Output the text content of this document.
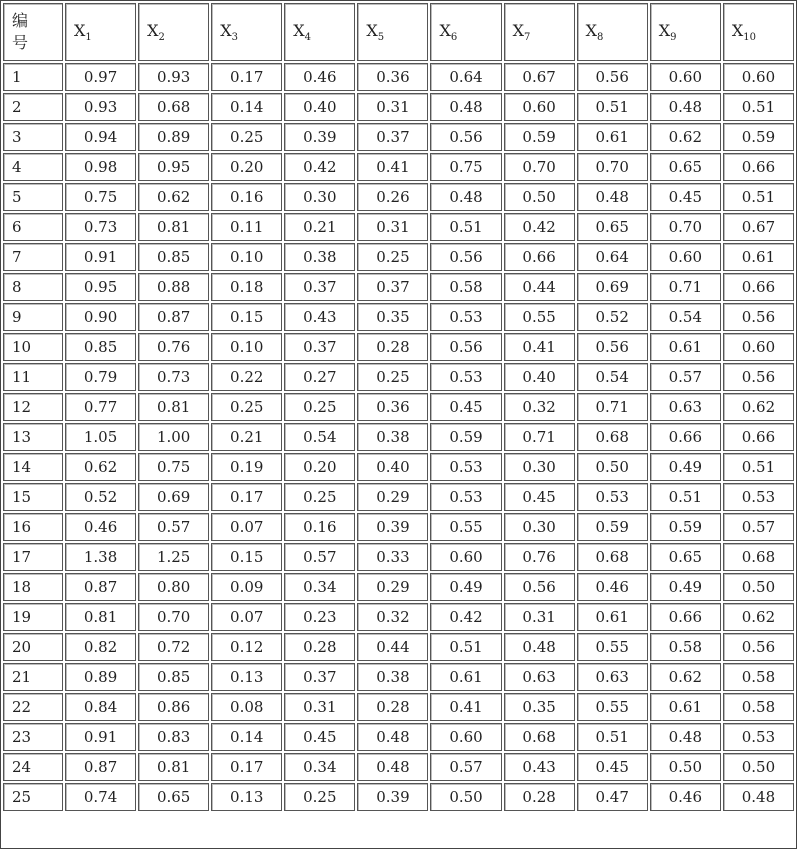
编号	$X_1$	$X_2$	$X_3$	$X_4$	$X_5$	$X_6$	$X_7$	$X_8$	$X_9$	$X_{10}$
1	0.97	0.93	0.17	0.46	0.36	0.64	0.67	0.56	0.60	0.60
2	0.93	0.68	0.14	0.40	0.31	0.48	0.60	0.51	0.48	0.51
3	0.94	0.89	0.25	0.39	0.37	0.56	0.59	0.61	0.62	0.59
4	0.98	0.95	0.20	0.42	0.41	0.75	0.70	0.70	0.65	0.66
5	0.75	0.62	0.16	0.30	0.26	0.48	0.50	0.48	0.45	0.51
6	0.73	0.81	0.11	0.21	0.31	0.51	0.42	0.65	0.70	0.67
7	0.91	0.85	0.10	0.38	0.25	0.56	0.66	0.64	0.60	0.61
8	0.95	0.88	0.18	0.37	0.37	0.58	0.44	0.69	0.71	0.66
9	0.90	0.87	0.15	0.43	0.35	0.53	0.55	0.52	0.54	0.56
10	0.85	0.76	0.10	0.37	0.28	0.56	0.41	0.56	0.61	0.60
11	0.79	0.73	0.22	0.27	0.25	0.53	0.40	0.54	0.57	0.56
12	0.77	0.81	0.25	0.25	0.36	0.45	0.32	0.71	0.63	0.62
13	1.05	1.00	0.21	0.54	0.38	0.59	0.71	0.68	0.66	0.66
14	0.62	0.75	0.19	0.20	0.40	0.53	0.30	0.50	0.49	0.51
15	0.52	0.69	0.17	0.25	0.29	0.53	0.45	0.53	0.51	0.53
16	0.46	0.57	0.07	0.16	0.39	0.55	0.30	0.59	0.59	0.57
17	1.38	1.25	0.15	0.57	0.33	0.60	0.76	0.68	0.65	0.68
18	0.87	0.80	0.09	0.34	0.29	0.49	0.56	0.46	0.49	0.50
19	0.81	0.70	0.07	0.23	0.32	0.42	0.31	0.61	0.66	0.62
20	0.82	0.72	0.12	0.28	0.44	0.51	0.48	0.55	0.58	0.56
21	0.89	0.85	0.13	0.37	0.38	0.61	0.63	0.63	0.62	0.58
22	0.84	0.86	0.08	0.31	0.28	0.41	0.35	0.55	0.61	0.58
23	0.91	0.83	0.14	0.45	0.48	0.60	0.68	0.51	0.48	0.53
24	0.87	0.81	0.17	0.34	0.48	0.57	0.43	0.45	0.50	0.50
25	0.74	0.65	0.13	0.25	0.39	0.50	0.28	0.47	0.46	0.48
